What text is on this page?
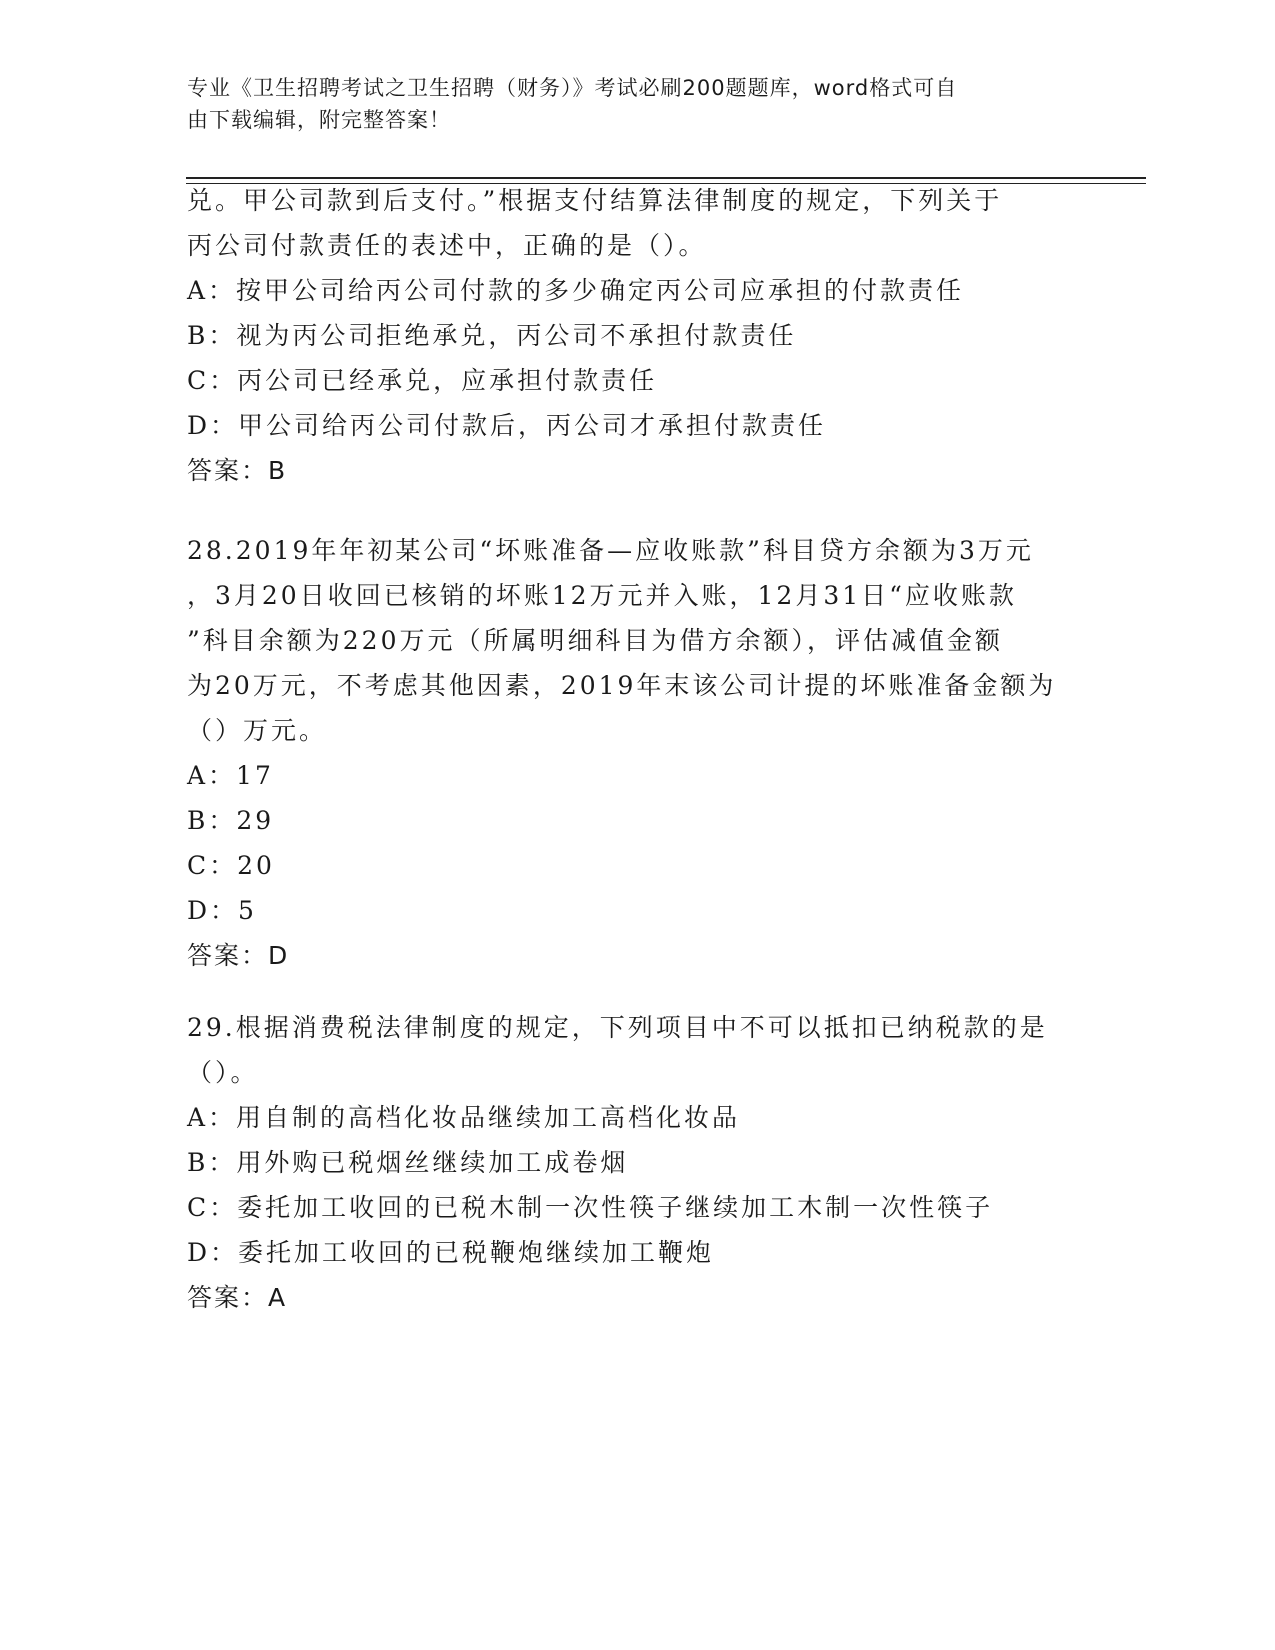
专业《卫生招聘考试之卫生招聘（财务）》考试必刷200题题库，word格式可自
由下载编辑，附完整答案！
兑。甲公司款到后支付。”根据支付结算法律制度的规定，下列关于
丙公司付款责任的表述中，正确的是（）。
A：按甲公司给丙公司付款的多少确定丙公司应承担的付款责任
B：视为丙公司拒绝承兑，丙公司不承担付款责任
C：丙公司已经承兑，应承担付款责任
D：甲公司给丙公司付款后，丙公司才承担付款责任
答案：B
28.2019年年初某公司“坏账准备—应收账款”科目贷方余额为3万元
，3月20日收回已核销的坏账12万元并入账，12月31日“应收账款
”科目余额为220万元（所属明细科目为借方余额），评估减值金额
为20万元，不考虑其他因素，2019年末该公司计提的坏账准备金额为
（）万元。
A：17
B：29
C：20
D：5
答案：D
29.根据消费税法律制度的规定，下列项目中不可以抵扣已纳税款的是
（）。
A：用自制的高档化妆品继续加工高档化妆品
B：用外购已税烟丝继续加工成卷烟
C：委托加工收回的已税木制一次性筷子继续加工木制一次性筷子
D：委托加工收回的已税鞭炮继续加工鞭炮
答案：A
